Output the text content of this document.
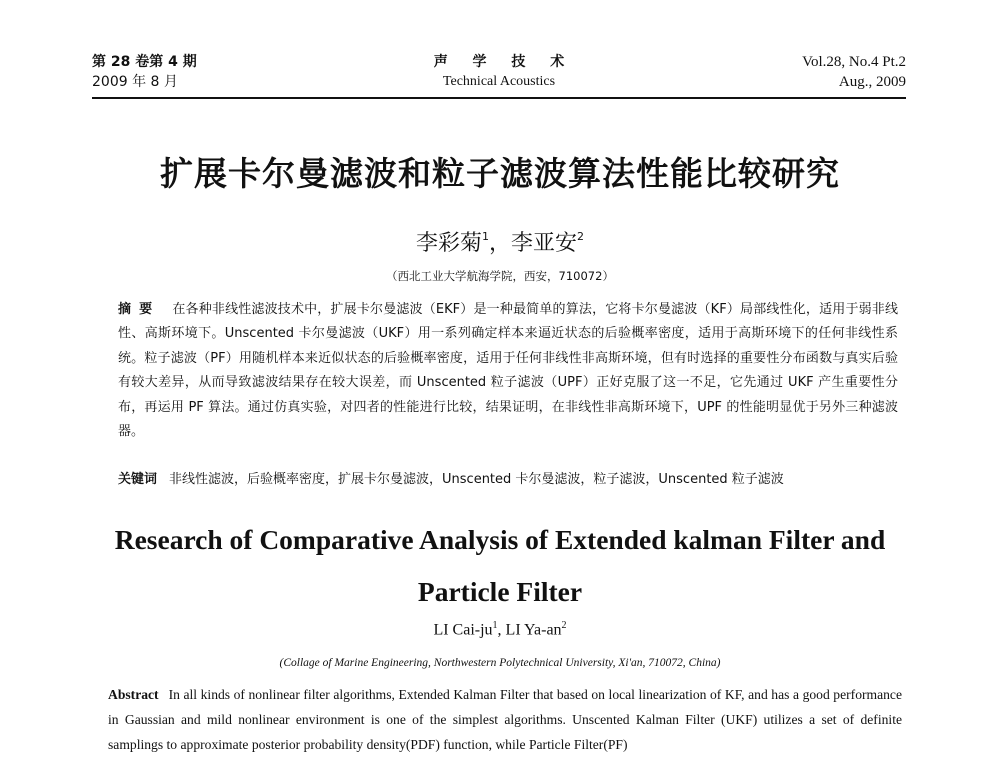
第 28 卷第 4 期
2009 年 8 月
声 学 技 术
Technical Acoustics
Vol.28, No.4 Pt.2
Aug., 2009
扩展卡尔曼滤波和粒子滤波算法性能比较研究
李彩菊$^1$，李亚安$^2$
（西北工业大学航海学院，西安，710072）
摘要 在各种非线性滤波技术中，扩展卡尔曼滤波（EKF）是一种最简单的算法，它将卡尔曼滤波（KF）局部线性化，适用于弱非线性、高斯环境下。Unscented 卡尔曼滤波（UKF）用一系列确定样本来逼近状态的后验概率密度，适用于高斯环境下的任何非线性系统。粒子滤波（PF）用随机样本来近似状态的后验概率密度，适用于任何非线性非高斯环境，但有时选择的重要性分布函数与真实后验有较大差异，从而导致滤波结果存在较大误差，而 Unscented 粒子滤波（UPF）正好克服了这一不足，它先通过 UKF 产生重要性分布，再运用 PF 算法。通过仿真实验，对四者的性能进行比较，结果证明，在非线性非高斯环境下，UPF 的性能明显优于另外三种滤波器。
关键词 非线性滤波，后验概率密度，扩展卡尔曼滤波，Unscented 卡尔曼滤波，粒子滤波，Unscented 粒子滤波
Research of Comparative Analysis of Extended kalman Filter and
Particle Filter
LI Cai-$ju^1$, LI $Ya-an^2$
(Collage of Marine Engineering, Northwestern Polytechnical University, Xi'an, 710072, China)
Abstract In all kinds of nonlinear filter algorithms, Extended Kalman Filter that based on local linearization of KF, and has a good performance in Gaussian and mild nonlinear environment is one of the simplest algorithms. Unscented Kalman Filter (UKF) utilizes a set of definite samplings to approximate posterior probability density(PDF) function, while Particle Filter(PF)
